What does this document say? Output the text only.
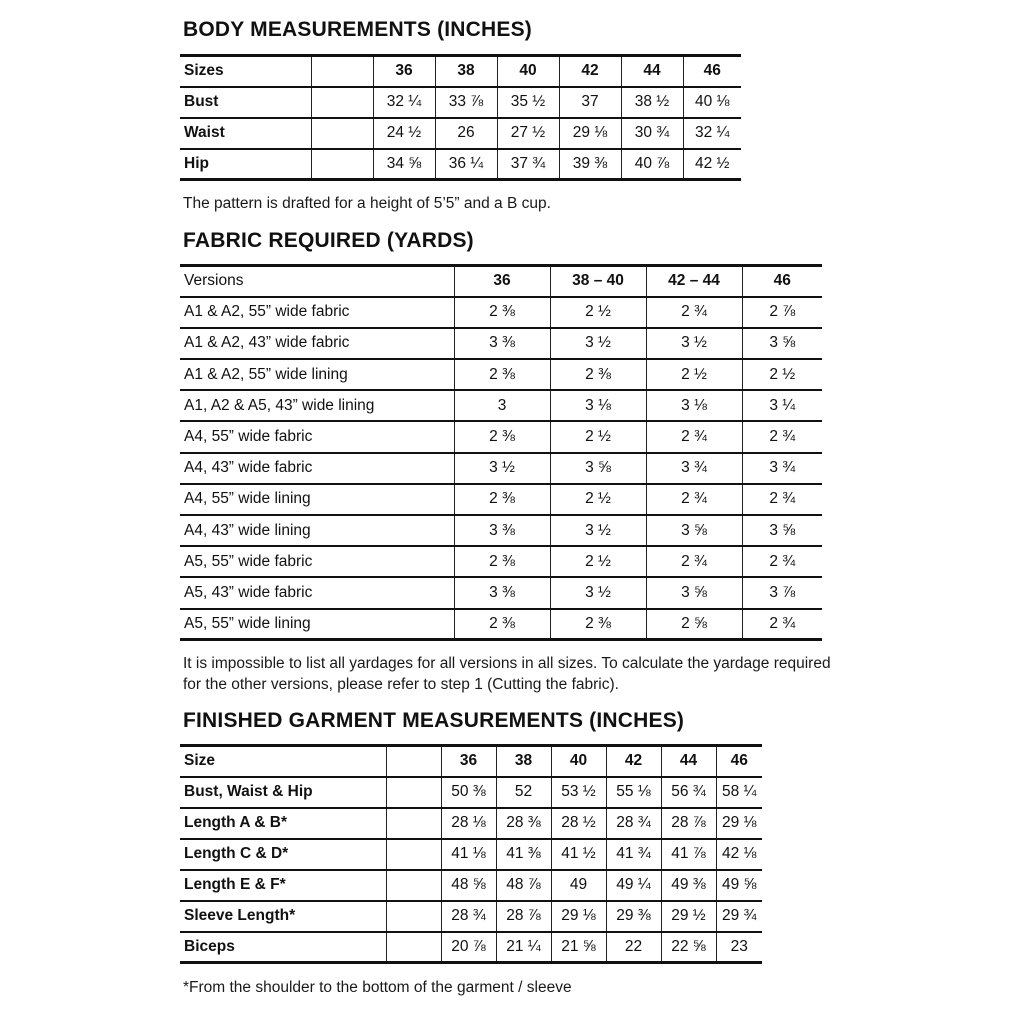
BODY MEASUREMENTS (INCHES)
Sizes		36	38	40	42	44	46
Bust		32 ¼	33 ⅞	35 ½	37	38 ½	40 ⅛
Waist		24 ½	26	27 ½	29 ⅛	30 ¾	32 ¼
Hip		34 ⅝	36 ¼	37 ¾	39 ⅜	40 ⅞	42 ½

The pattern is drafted for a height of 5’5” and a B cup.

FABRIC REQUIRED (YARDS)
Versions	36	38 – 40	42 – 44	46
A1 & A2, 55” wide fabric	2 ⅜	2 ½	2 ¾	2 ⅞
A1 & A2, 43” wide fabric	3 ⅜	3 ½	3 ½	3 ⅝
A1 & A2, 55” wide lining	2 ⅜	2 ⅜	2 ½	2 ½
A1, A2 & A5, 43” wide lining	3	3 ⅛	3 ⅛	3 ¼
A4, 55” wide fabric	2 ⅜	2 ½	2 ¾	2 ¾
A4, 43” wide fabric	3 ½	3 ⅝	3 ¾	3 ¾
A4, 55” wide lining	2 ⅜	2 ½	2 ¾	2 ¾
A4, 43” wide lining	3 ⅜	3 ½	3 ⅝	3 ⅝
A5, 55” wide fabric	2 ⅜	2 ½	2 ¾	2 ¾
A5, 43” wide fabric	3 ⅜	3 ½	3 ⅝	3 ⅞
A5, 55” wide lining	2 ⅜	2 ⅜	2 ⅝	2 ¾

It is impossible to list all yardages for all versions in all sizes. To calculate the yardage required

for the other versions, please refer to step 1 (Cutting the fabric).

FINISHED GARMENT MEASUREMENTS (INCHES)
Size		36	38	40	42	44	46
Bust, Waist & Hip		50 ⅜	52	53 ½	55 ⅛	56 ¾	58 ¼
Length A & B*		28 ⅛	28 ⅜	28 ½	28 ¾	28 ⅞	29 ⅛
Length C & D*		41 ⅛	41 ⅜	41 ½	41 ¾	41 ⅞	42 ⅛
Length E & F*		48 ⅝	48 ⅞	49	49 ¼	49 ⅜	49 ⅝
Sleeve Length*		28 ¾	28 ⅞	29 ⅛	29 ⅜	29 ½	29 ¾
Biceps		20 ⅞	21 ¼	21 ⅝	22	22 ⅝	23

*From the shoulder to the bottom of the garment / sleeve
